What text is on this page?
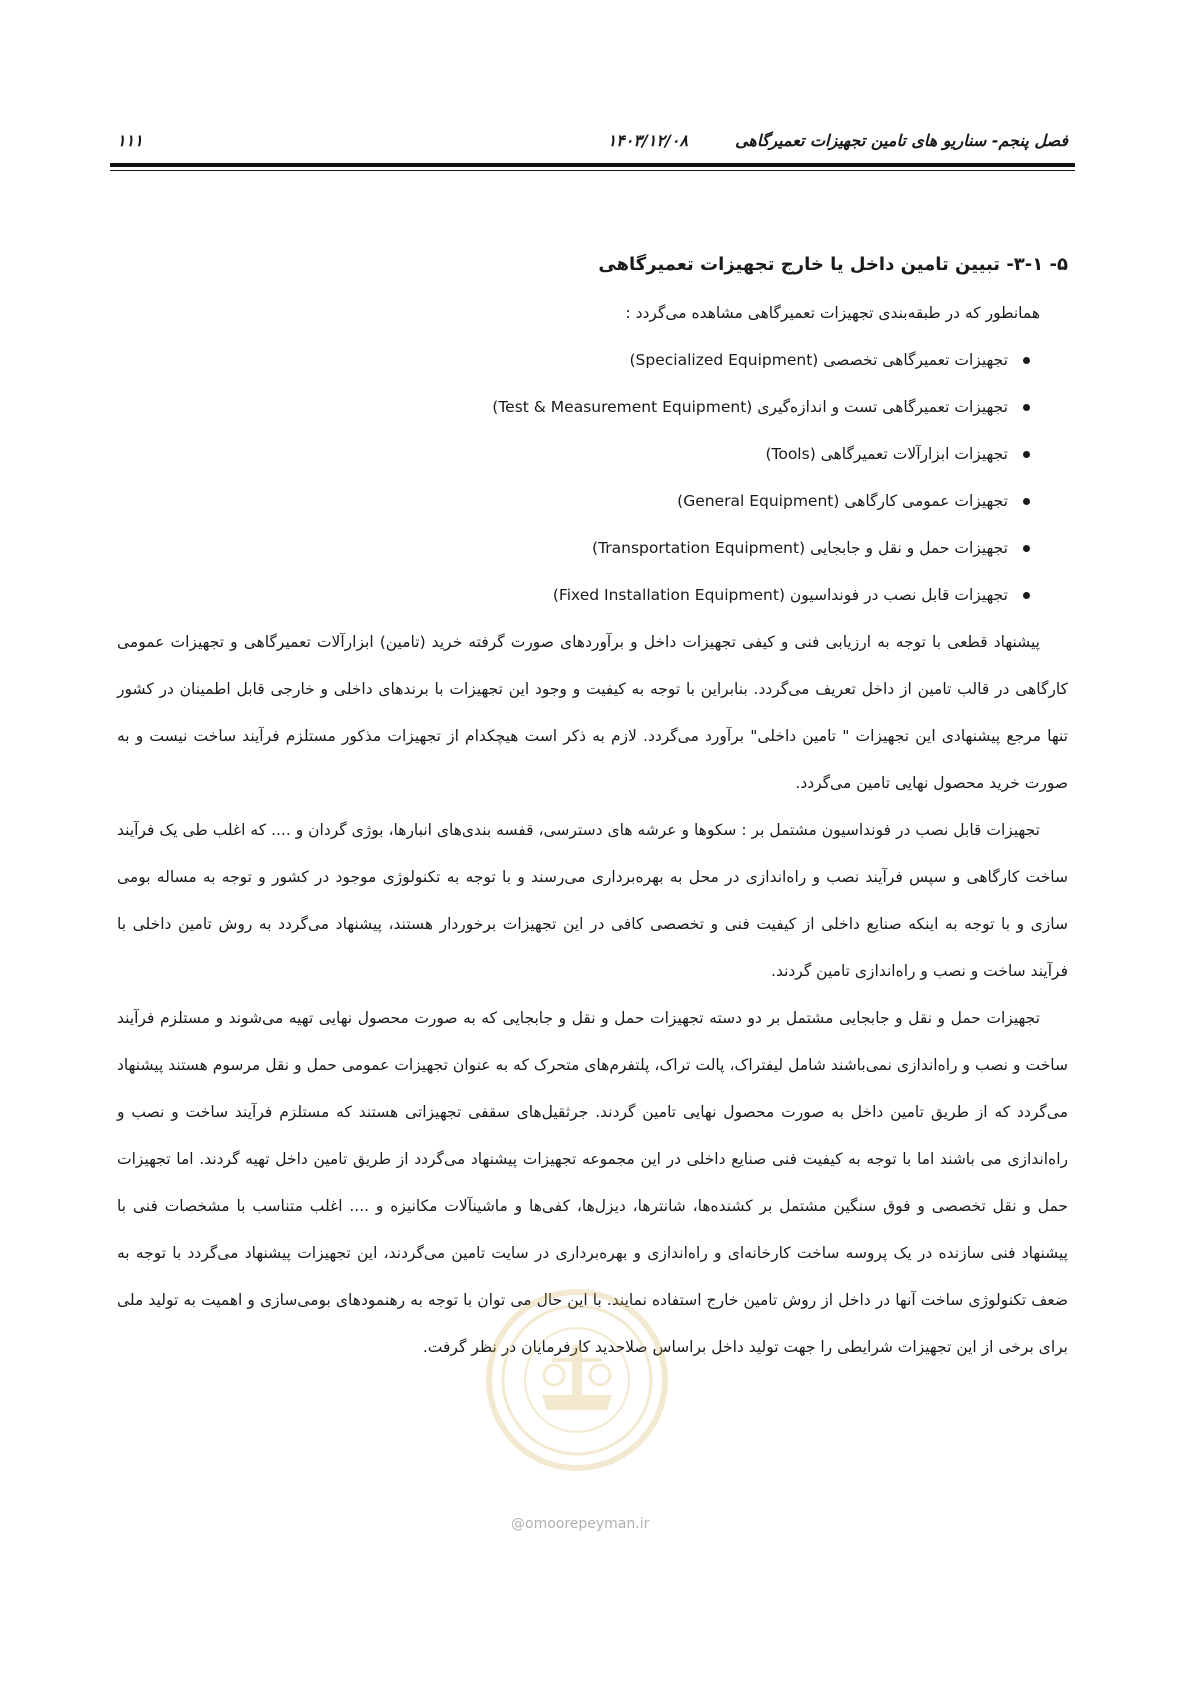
فصل پنجم- سناریو های تامین تجهیزات تعمیرگاهی
۱۴۰۳/۱۲/۰۸
۱۱۱

۵- ۳-۱- تبیین تامین داخل یا خارج تجهیزات تعمیرگاهی

همانطور که در طبقه‌بندی تجهیزات تعمیرگاهی مشاهده می‌گردد :

تجهیزات تعمیرگاهی تخصصی (Specialized Equipment)
تجهیزات تعمیرگاهی تست و اندازه‌گیری (Test & Measurement Equipment)
تجهیزات ابزارآلات تعمیرگاهی (Tools)
تجهیزات عمومی کارگاهی (General Equipment)
تجهیزات حمل و نقل و جابجایی (Transportation Equipment)
تجهیزات قابل نصب در فونداسیون (Fixed Installation Equipment)

پیشنهاد قطعی با توجه به ارزیابی فنی و کیفی تجهیزات داخل و برآوردهای صورت گرفته خرید (تامین) ابزارآلات تعمیرگاهی و تجهیزات عمومی کارگاهی در قالب تامین از داخل تعریف می‌گردد. بنابراین با توجه به کیفیت و وجود این تجهیزات با برندهای داخلی و خارجی قابل اطمینان در کشور تنها مرجع پیشنهادی این تجهیزات " تامین داخلی" برآورد می‌گردد. لازم به ذکر است هیچکدام از تجهیزات مذکور مستلزم فرآیند ساخت نیست و به صورت خرید محصول نهایی تامین می‌گردد.

تجهیزات قابل نصب در فونداسیون مشتمل بر : سکوها و عرشه های دسترسی، قفسه بندی‌های انبارها، بوژی گردان و .... که اغلب طی یک فرآیند ساخت کارگاهی و سپس فرآیند نصب و راه‌اندازی در محل به بهره‌برداری می‌رسند و با توجه به تکنولوژی موجود در کشور و توجه به مساله بومی سازی و با توجه به اینکه صنایع داخلی از کیفیت فنی و تخصصی کافی در این تجهیزات برخوردار هستند، پیشنهاد می‌گردد به روش تامین داخلی با فرآیند ساخت و نصب و راه‌اندازی تامین گردند.

تجهیزات حمل و نقل و جابجایی مشتمل بر دو دسته تجهیزات حمل و نقل و جابجایی که به صورت محصول نهایی تهیه می‌شوند و مستلزم فرآیند ساخت و نصب و راه‌اندازی نمی‌باشند شامل لیفتراک، پالت تراک، پلتفرم‌های متحرک که به عنوان تجهیزات عمومی حمل و نقل مرسوم هستند پیشنهاد می‌گردد که از طریق تامین داخل به صورت محصول نهایی تامین گردند. جرثقیل‌های سقفی تجهیزاتی هستند که مستلزم فرآیند ساخت و نصب و راه‌اندازی می باشند اما با توجه به کیفیت فنی صنایع داخلی در این مجموعه تجهیزات پیشنهاد می‌گردد از طریق تامین داخل تهیه گردند. اما تجهیزات حمل و نقل تخصصی و فوق سنگین مشتمل بر کشنده‌ها، شانترها، دیزل‌ها، کفی‌ها و ماشینآلات مکانیزه و .... اغلب متناسب با مشخصات فنی با پیشنهاد فنی سازنده در یک پروسه ساخت کارخانه‌ای و راه‌اندازی و بهره‌برداری در سایت تامین می‌گردند، این تجهیزات پیشنهاد می‌گردد با توجه به ضعف تکنولوژی ساخت آنها در داخل از روش تامین خارج استفاده نمایند. با این حال می توان با توجه به رهنمودهای بومی‌سازی و اهمیت به تولید ملی برای برخی از این تجهیزات شرایطی را جهت تولید داخل براساس صلاحدید کارفرمایان در نظر گرفت.

@omoorepeyman.ir
